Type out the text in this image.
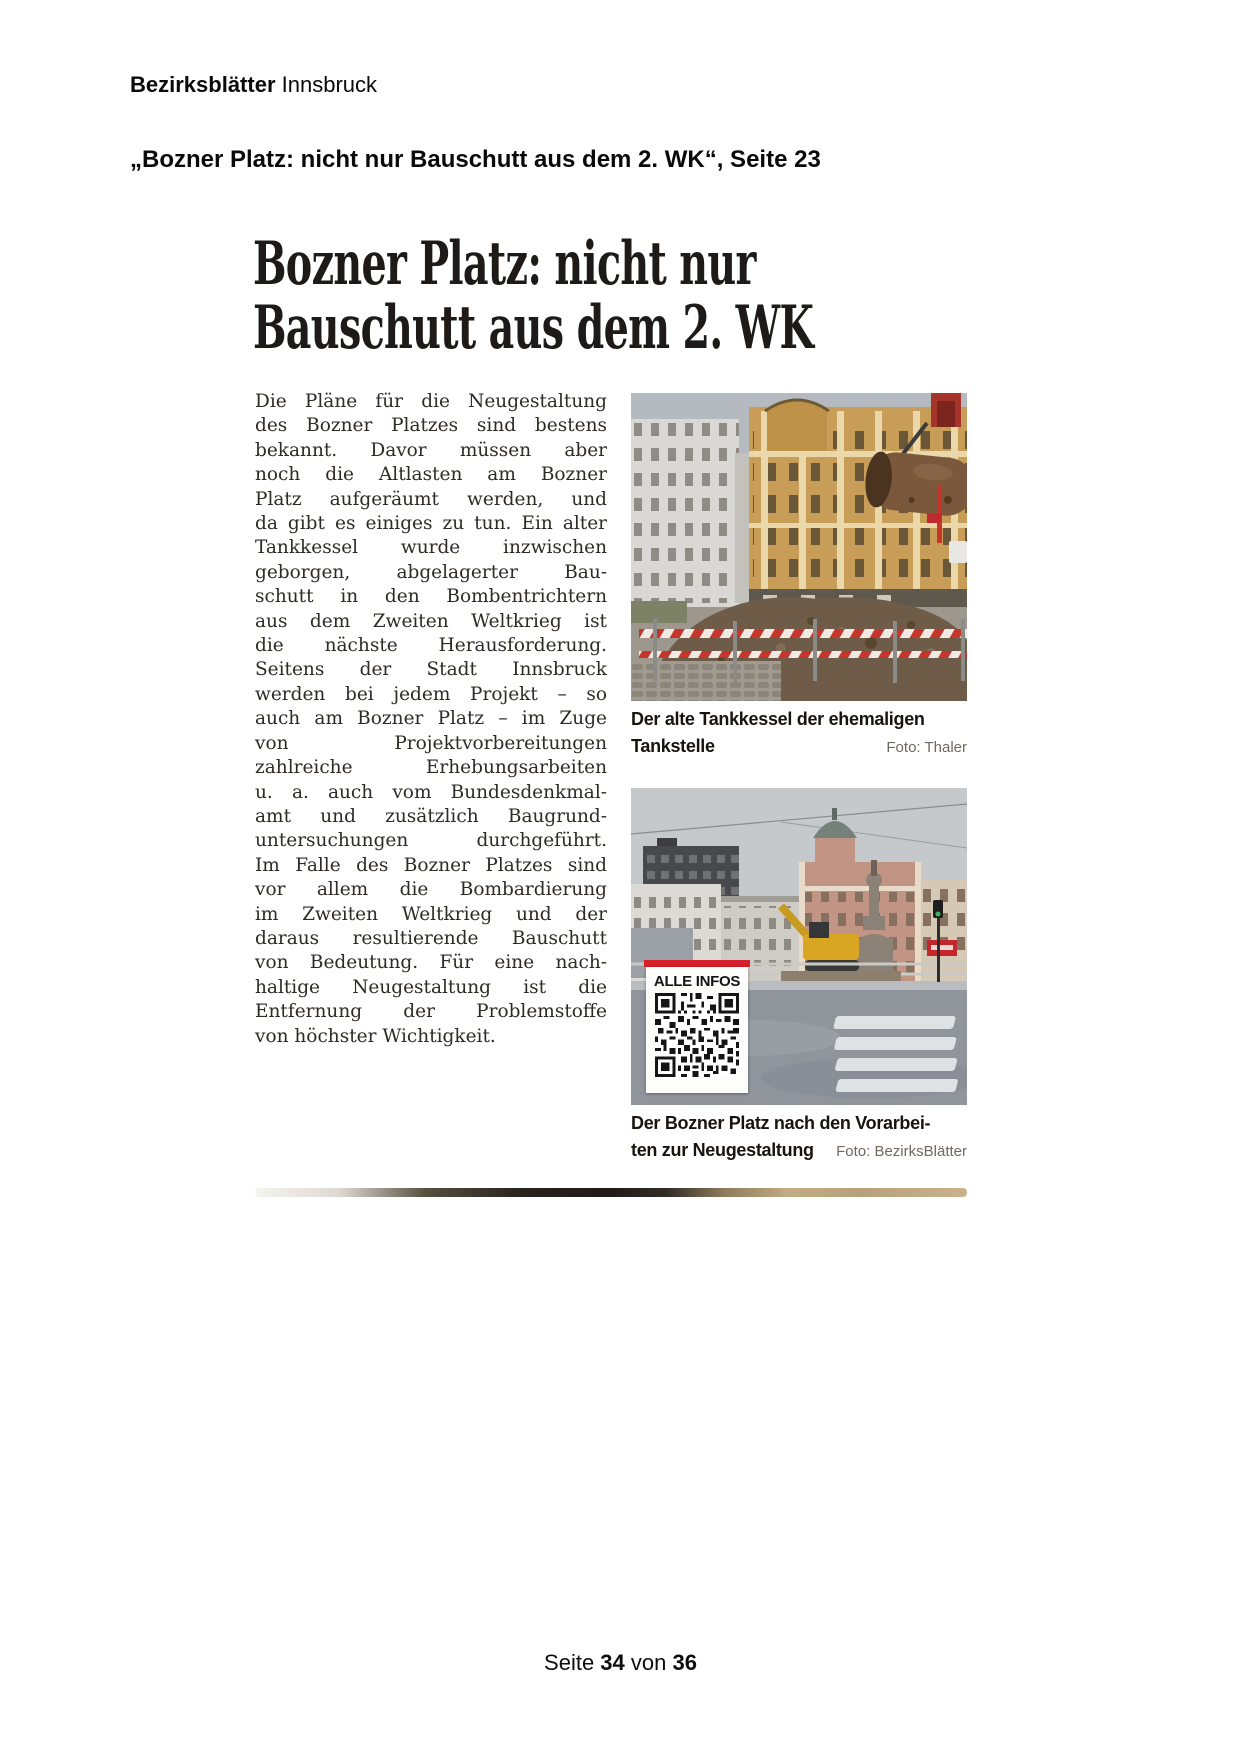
Bezirksblätter Innsbruck
„Bozner Platz: nicht nur Bauschutt aus dem 2. WK“, Seite 23
Bozner Platz: nicht nur
Bauschutt aus dem 2. WK
Die Pläne für die Neugestaltung
des Bozner Platzes sind bestens
bekannt. Davor müssen aber
noch die Altlasten am Bozner
Platz aufgeräumt werden, und
da gibt es einiges zu tun. Ein alter
Tankkessel wurde inzwischen
geborgen, abgelagerter Bau-
schutt in den Bombentrichtern
aus dem Zweiten Weltkrieg ist
die nächste Herausforderung.
Seitens der Stadt Innsbruck
werden bei jedem Projekt – so
auch am Bozner Platz – im Zuge
von Projektvorbereitungen
zahlreiche Erhebungsarbeiten
u. a. auch vom Bundesdenkmal-
amt und zusätzlich Baugrund-
untersuchungen durchgeführt.
Im Falle des Bozner Platzes sind
vor allem die Bombardierung
im Zweiten Weltkrieg und der
daraus resultierende Bauschutt
von Bedeutung. Für eine nach-
haltige Neugestaltung ist die
Entfernung der Problemstoffe
von höchster Wichtigkeit.
Der alte Tankkessel der ehemaligen
Tankstelle	Foto: Thaler
ALLE INFOS
Der Bozner Platz nach den Vorarbei-
ten zur Neugestaltung Foto: BezirksBlätter
Seite 34 von 36
